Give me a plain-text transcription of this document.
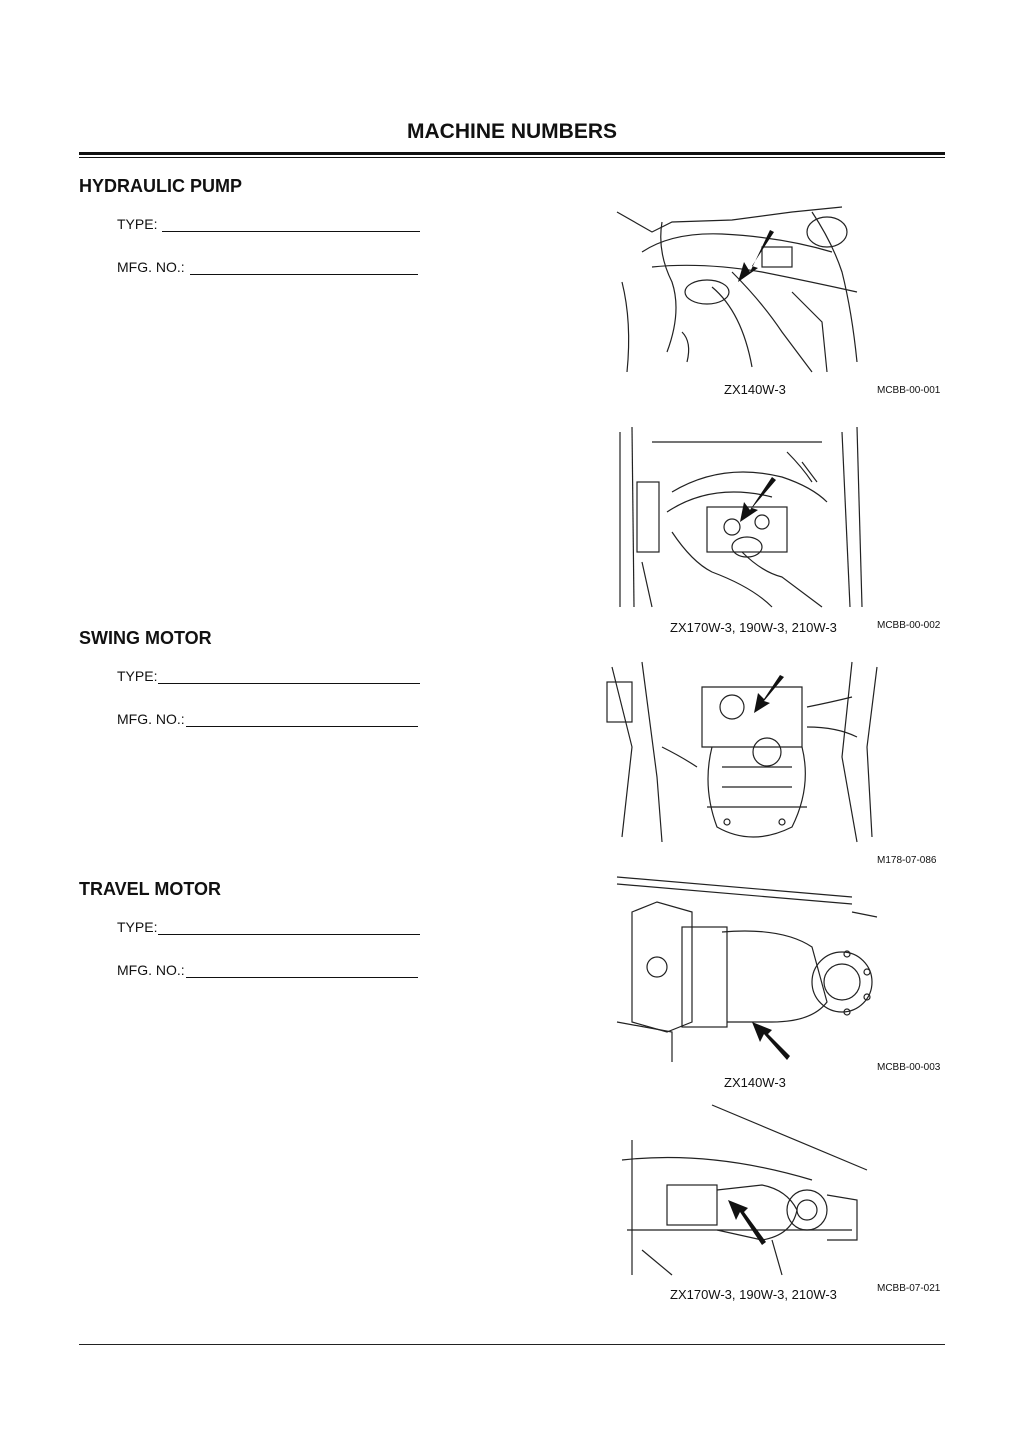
MACHINE NUMBERS
HYDRAULIC PUMP
TYPE:
MFG. NO.:
SWING MOTOR
TYPE:
MFG. NO.:
TRAVEL MOTOR
TYPE:
MFG. NO.:
ZX140W-3	MCBB-00-001
ZX170W-3, 190W-3, 210W-3	MCBB-00-002
M178-07-086
MCBB-00-003
ZX140W-3
ZX170W-3, 190W-3, 210W-3	MCBB-07-021
